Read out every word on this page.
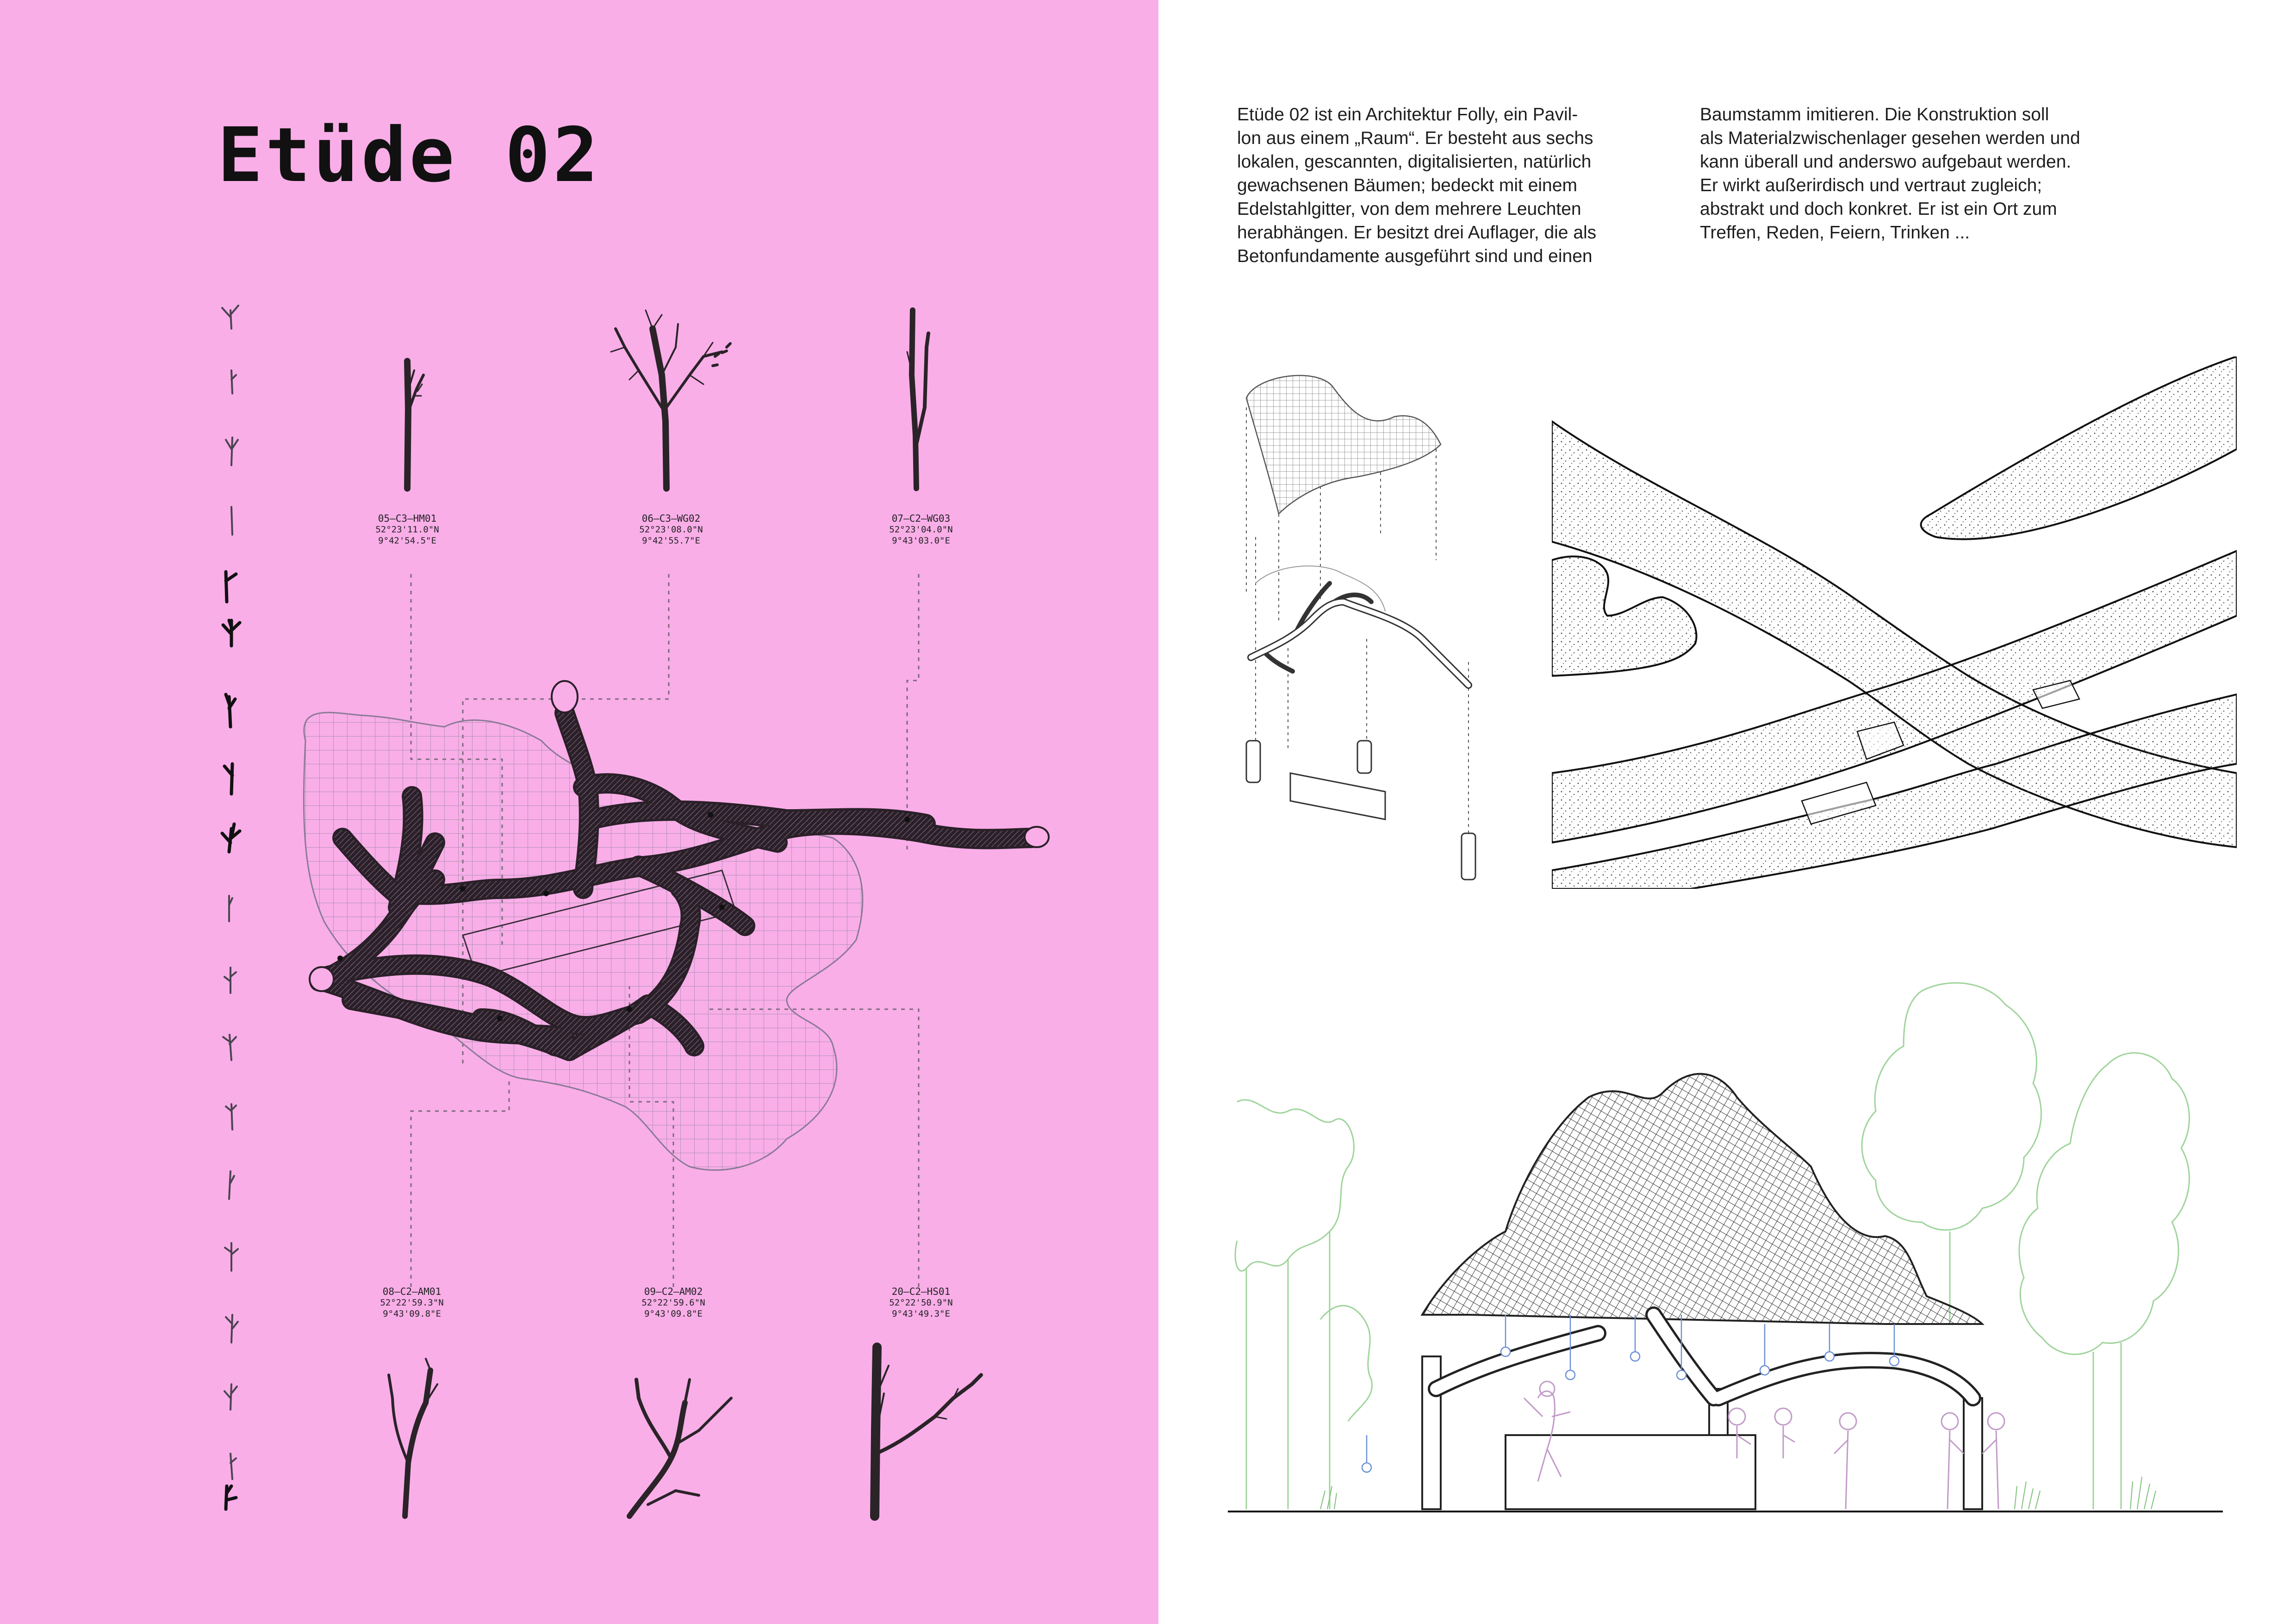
Etüde 02
05–C3–HM01
52°23'11.0"N
9°42'54.5"E
06–C3–WG02
52°23'08.0"N
9°42'55.7"E
07–C2–WG03
52°23'04.0"N
9°43'03.0"E
08–C2–AM01
52°22'59.3"N
9°43'09.8"E
09–C2–AM02
52°22'59.6"N
9°43'09.8"E
20–C2–HS01
52°22'50.9"N
9°43'49.3"E
Etüde 02 ist ein Architektur Folly, ein Pavil-
lon aus einem „Raum“. Er besteht aus sechs
lokalen, gescannten, digitalisierten, natürlich
gewachsenen Bäumen; bedeckt mit einem
Edelstahlgitter, von dem mehrere Leuchten
herabhängen. Er besitzt drei Auflager, die als
Betonfundamente ausgeführt sind und einen
Baumstamm imitieren. Die Konstruktion soll
als Materialzwischenlager gesehen werden und
kann überall und anderswo aufgebaut werden.
Er wirkt außerirdisch und vertraut zugleich;
abstrakt und doch konkret. Er ist ein Ort zum
Treffen, Reden, Feiern, Trinken ...
